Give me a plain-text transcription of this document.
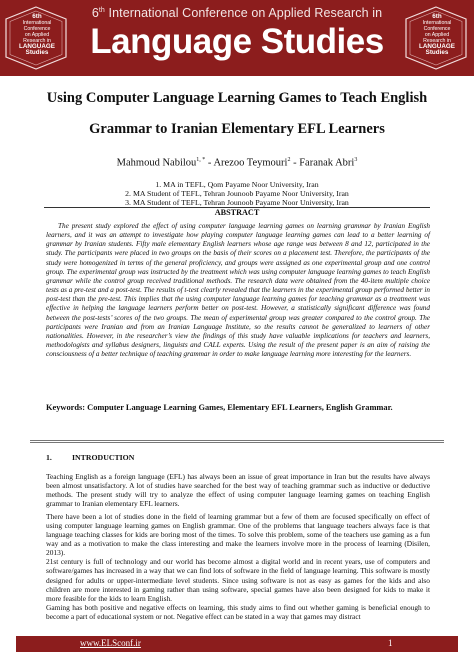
6th
International
Conference
on Applied
Research in
LANGUAGE
Studies
6th International Conference on Applied Research in
Language Studies
6th
International
Conference
on Applied
Research in
LANGUAGE
Studies
Using Computer Language Learning Games to Teach English
Grammar to Iranian Elementary EFL Learners
Mahmoud Nabilou$^{1, *}$ - Arezoo Teymouri$^2$ - Faranak Abri$^3$
1. MA in TEFL, Qom Payame Noor University, Iran
2. MA Student of TEFL, Tehran Jounoob Payame Noor University, Iran
3. MA Student of TEFL, Tehran Jounoob Payame Noor University, Iran
ABSTRACT

The present study explored the effect of using computer language learning games on learning grammar by Iranian English learners, and it was an attempt to investigate how playing computer language learning games can lead to a better learning of grammar by Iranian students. Fifty male elementary English learners whose age range was between 8 and 12, participated in the study. The participants were placed in two groups on the basis of their scores on a placement test. Therefore, the participants of the study were homogenized in terms of the general proficiency, and groups were assigned as one experimental group and one control group. The experimental group was instructed by the treatment which was using computer language learning games to teach English grammar while the control group received traditional methods. The research data were obtained from the 40-item multiple choice tests as a pre-test and a post-test. The results of t-test clearly revealed that the learners in the experimental group performed better in post-test than the pre-test. This implies that the using computer language learning games for teaching grammar as a treatment was effective in helping the language learners perform better on post-test. However, a statistically significant difference was found between the post-tests’ scores of the two groups. The mean of experimental group was greater compared to the control group. The participants were Iranian and from an Iranian Language Institute, so the results cannot be generalized to learners of other nationalities. However, in the researcher’s view the findings of this study have valuable implications for teachers and learners, methodologists and syllabus designers, linguists and CALL experts. Using the result of the present paper is an aim of raising the consciousness of a better technique of teaching grammar in order to make language learning more interesting for the learners.

Keywords: Computer Language Learning Games, Elementary EFL Learners, English Grammar.
1.	INTRODUCTION

Teaching English as a foreign language (EFL) has always been an issue of great importance in Iran but the results have always been almost unsatisfactory. A lot of studies have searched for the best way of teaching grammar such as inductive or deductive methods. The present study will try to analyze the effect of using computer language learning games on teaching English grammar to Iranian elementary EFL learners.

There have been a lot of studies done in the field of learning grammar but a few of them are focused specifically on effect of using computer language learning games on English grammar. One of the problems that language teachers always face is that language teaching classes for kids are boring most of the times. To solve this problem, some of the teachers use gaming as a fun way and as a motivation to make the class interesting and make the learners involve more in the process of learning (Disilen, 2013).

21st century is full of technology and our world has become almost a digital world and in recent years, use of computers and software/games has increased in a way that we can find lots of software in the field of language learning. This software is mostly designed for adults or upper-intermediate level students. Since using software is not as easy as games for the kids and also children are more interested in gaming rather than using software, special games have also been designed for kids to make it more feasible for the kids to learn English.

Gaming has both positive and negative effects on learning, this study aims to find out whether gaming is beneficial enough to become a part of educational system or not. Negative effect can be stated in a way that games may distract

www.ELSconf.ir	1
